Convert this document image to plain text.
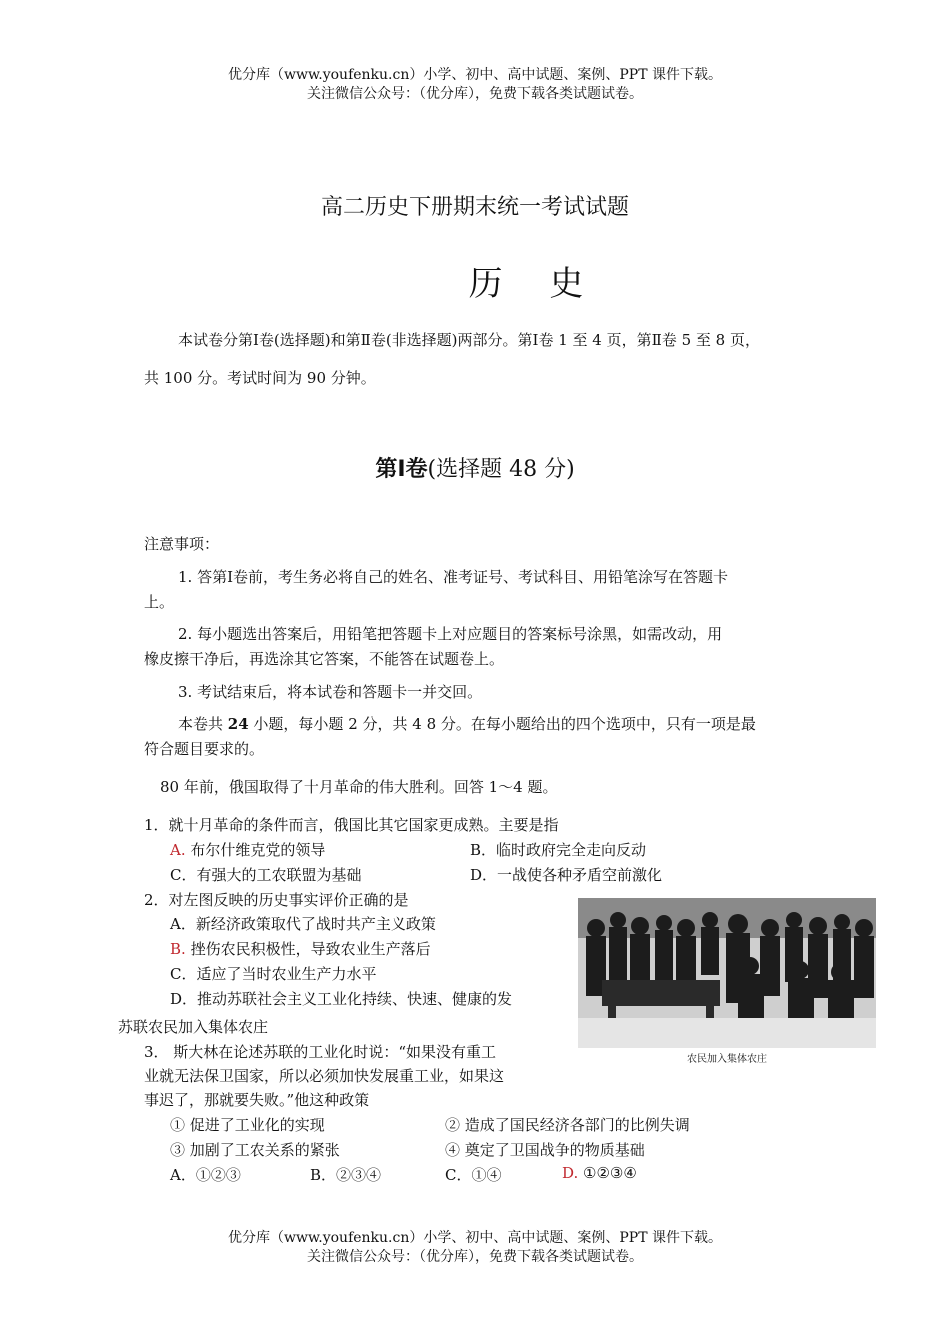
优分库（www.youfenku.cn）小学、初中、高中试题、案例、PPT 课件下载。
关注微信公众号：（优分库），免费下载各类试题试卷。
高二历史下册期末统一考试试题
历 史
本试卷分第Ⅰ卷(选择题)和第Ⅱ卷(非选择题)两部分。第Ⅰ卷 1 至 4 页，第Ⅱ卷 5 至 8 页，
共 100 分。考试时间为 90 分钟。
第Ⅰ卷(选择题 48 分)
注意事项：
1. 答第Ⅰ卷前，考生务必将自己的姓名、准考证号、考试科目、用铅笔涂写在答题卡
上。
2. 每小题选出答案后，用铅笔把答题卡上对应题目的答案标号涂黑，如需改动，用
橡皮擦干净后，再选涂其它答案，不能答在试题卷上。
3. 考试结束后，将本试卷和答题卡一并交回。
本卷共 24 小题，每小题 2 分，共 4 8 分。在每小题给出的四个选项中，只有一项是最
符合题目要求的。
80 年前，俄国取得了十月革命的伟大胜利。回答 1～4 题。
1．就十月革命的条件而言，俄国比其它国家更成熟。主要是指
A. 布尔什维克党的领导	B．临时政府完全走向反动
C．有强大的工农联盟为基础	D．一战使各种矛盾空前激化
2．对左图反映的历史事实评价正确的是
A．新经济政策取代了战时共产主义政策
B. 挫伤农民积极性，导致农业生产落后
C．适应了当时农业生产力水平
D．推动苏联社会主义工业化持续、快速、健康的发
苏联农民加入集体农庄
农民加入集体农庄
3． 斯大林在论述苏联的工业化时说：“如果没有重工
业就无法保卫国家，所以必须加快发展重工业，如果这
事迟了，那就要失败。”他这种政策
① 促进了工业化的实现	② 造成了国民经济各部门的比例失调
③ 加剧了工农关系的紧张	④ 奠定了卫国战争的物质基础
A．①②③	B．②③④	C．①④	D. ①②③④
优分库（www.youfenku.cn）小学、初中、高中试题、案例、PPT 课件下载。
关注微信公众号：（优分库），免费下载各类试题试卷。
